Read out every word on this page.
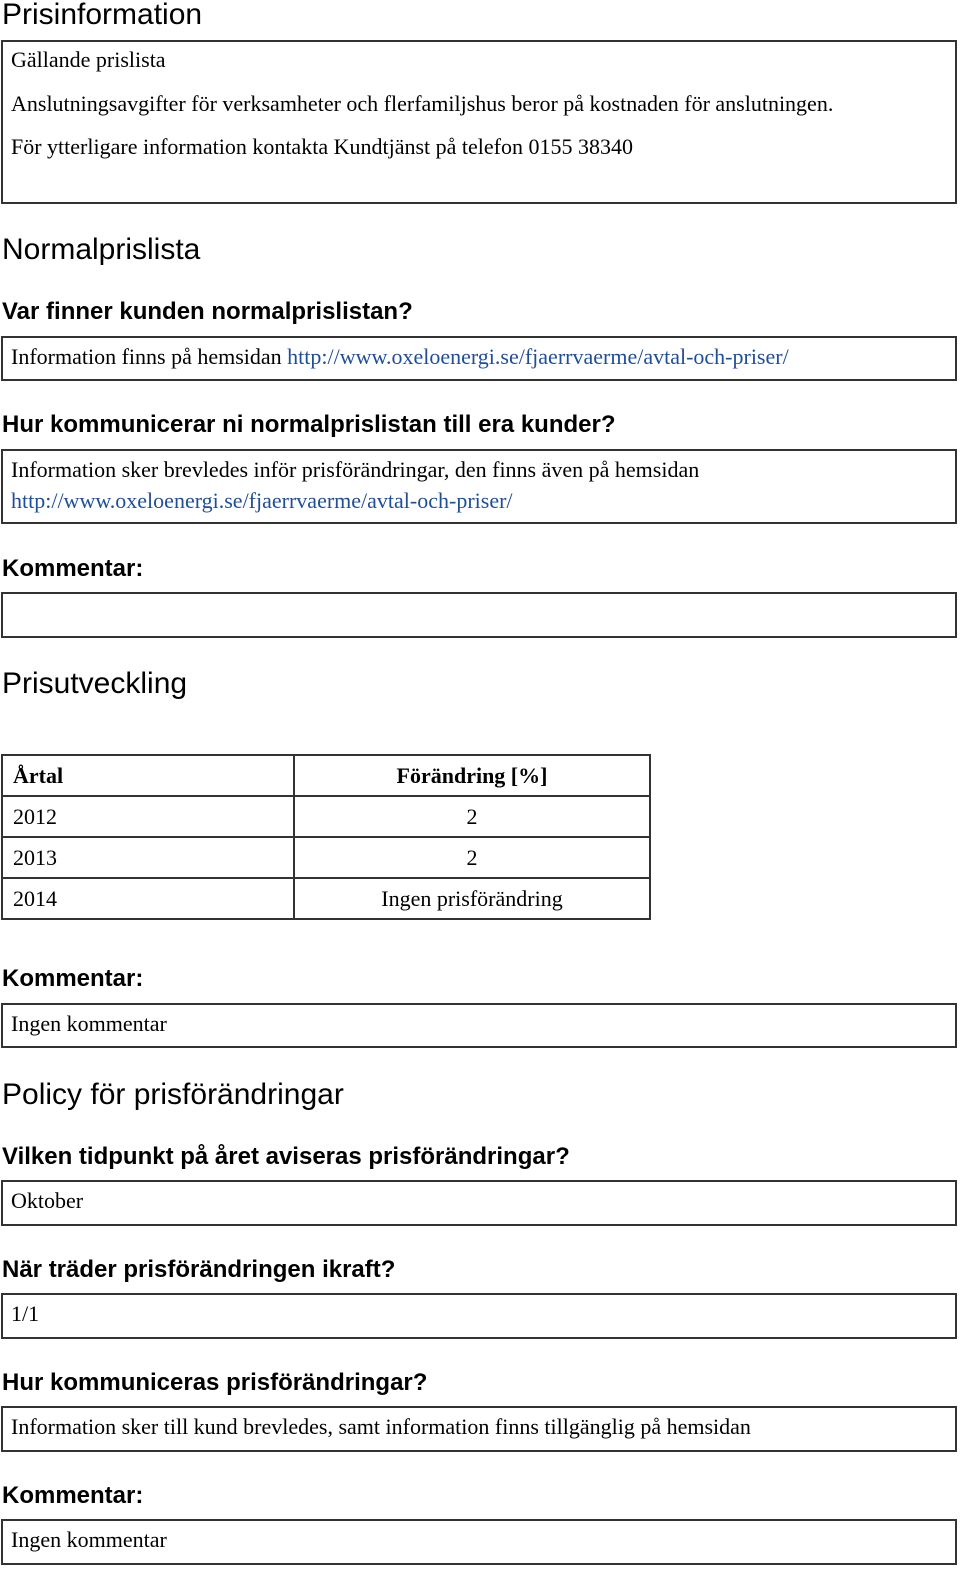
Prisinformation

Gällande prislista

Anslutningsavgifter för verksamheter och flerfamiljshus beror på kostnaden för anslutningen.

För ytterligare information kontakta Kundtjänst på telefon 0155 38340

Normalprislista
Var finner kunden normalprislistan?

Information finns på hemsidan http://www.oxeloenergi.se/fjaerrvaerme/avtal-och-priser/

Hur kommunicerar ni normalprislistan till era kunder?

Information sker brevledes inför prisförändringar, den finns även på hemsidan

http://www.oxeloenergi.se/fjaerrvaerme/avtal-och-priser/

Kommentar:

Prisutveckling
Årtal	Förändring [%]
2012	2
2013	2
2014	Ingen prisförändring
Kommentar:

Ingen kommentar

Policy för prisförändringar
Vilken tidpunkt på året aviseras prisförändringar?

Oktober

När träder prisförändringen ikraft?

1/1

Hur kommuniceras prisförändringar?

Information sker till kund brevledes, samt information finns tillgänglig på hemsidan

Kommentar:

Ingen kommentar
